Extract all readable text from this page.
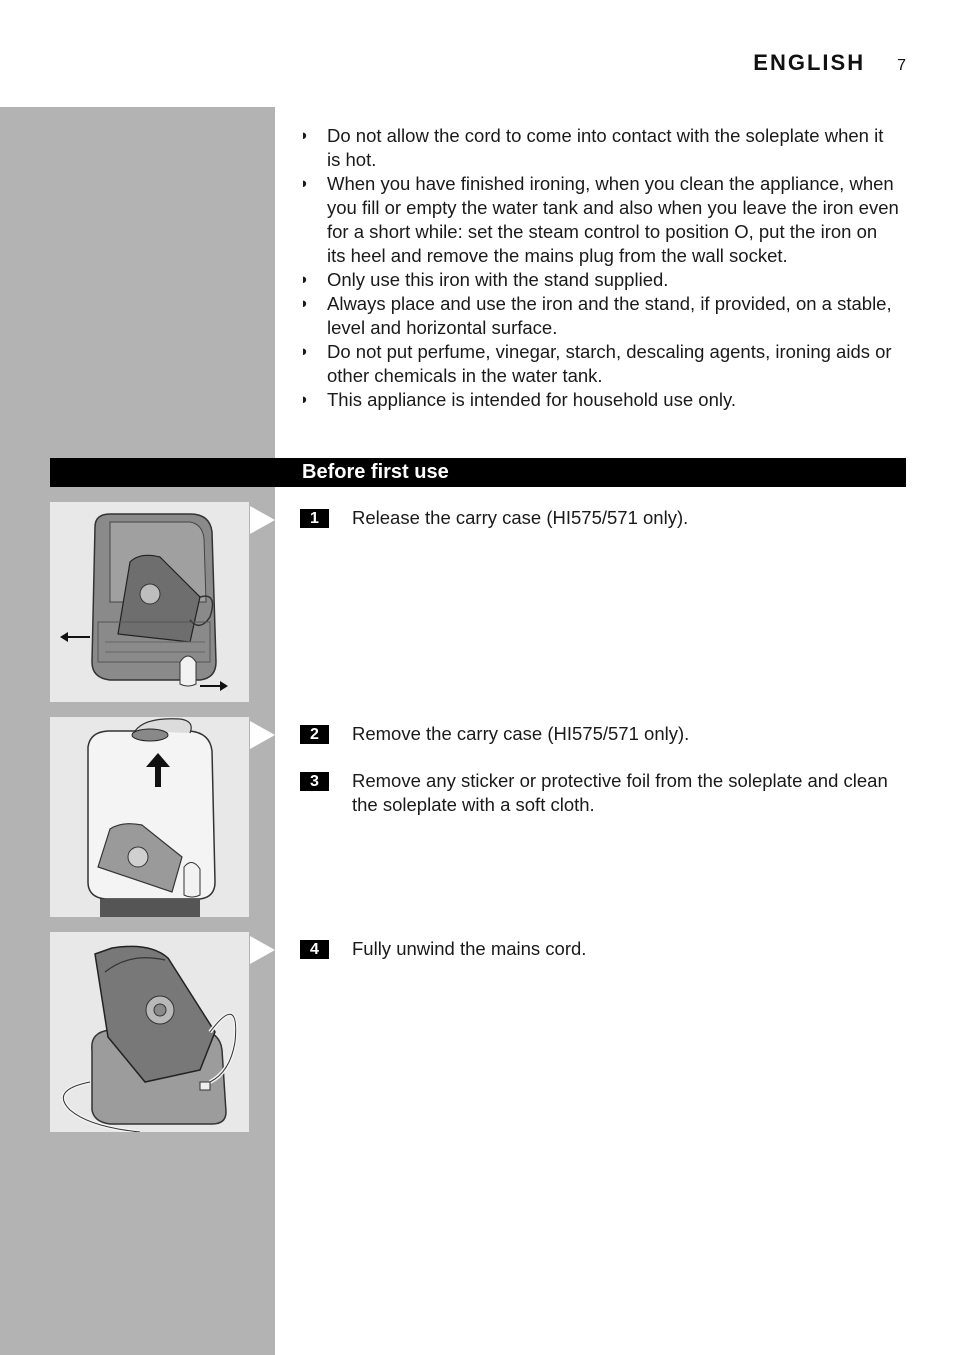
ENGLISH 7
◗ Do not allow the cord to come into contact with the soleplate when it is hot.
◗ When you have finished ironing, when you clean the appliance, when you fill or empty the water tank and also when you leave the iron even for a short while: set the steam control to position O, put the iron on its heel and remove the mains plug from the wall socket.
◗ Only use this iron with the stand supplied.
◗ Always place and use the iron and the stand, if provided, on a stable, level and horizontal surface.
◗ Do not put perfume, vinegar, starch, descaling agents, ironing aids or other chemicals in the water tank.
◗ This appliance is intended for household use only.
Before first use
1	Release the carry case (HI575/571 only).
2	Remove the carry case (HI575/571 only).
3	Remove any sticker or protective foil from the soleplate and clean the soleplate with a soft cloth.
4	Fully unwind the mains cord.
